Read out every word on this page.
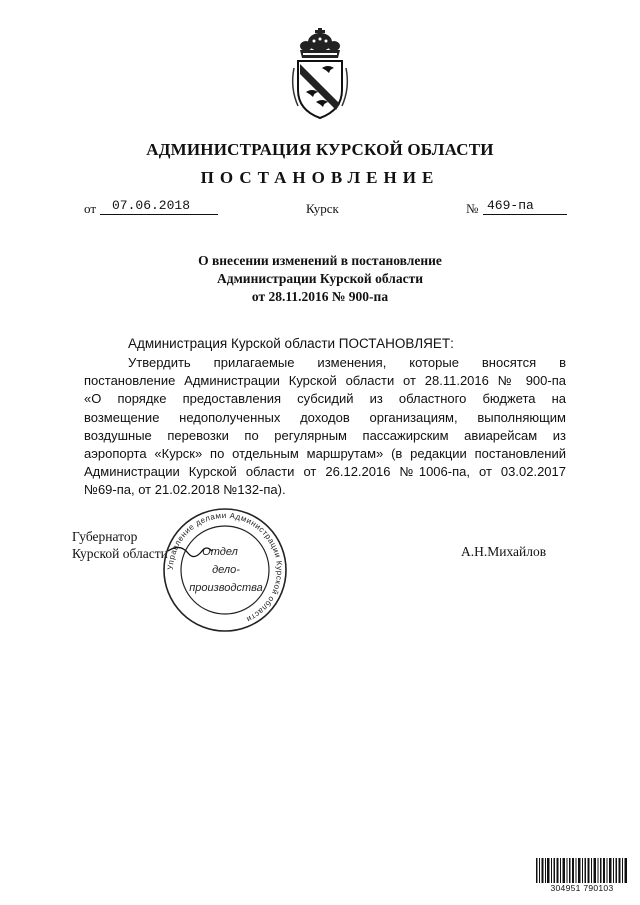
АДМИНИСТРАЦИЯ КУРСКОЙ ОБЛАСТИ
ПОСТАНОВЛЕНИЕ
от 07.06.2018	Курск	№ 469-па
О внесении изменений в постановление
Администрации Курской области
от 28.11.2016 № 900-па
Администрация Курской области ПОСТАНОВЛЯЕТ:
Утвердить прилагаемые изменения, которые вносятся в
постановление Администрации Курской области от 28.11.2016 № 900-па
«О порядке предоставления субсидий из областного бюджета на
возмещение недополученных доходов организациям, выполняющим
воздушные перевозки по регулярным пассажирским авиарейсам из
аэропорта «Курск» по отдельным маршрутам» (в редакции постановлений
Администрации Курской области от 26.12.2016 №1006-па, от 03.02.2017
№69-па, от 21.02.2018 №132-па).
Губернатор
Курской области	А.Н.Михайлов
Управление делами Администрации Курской области
Отдел
дело-
производства
304951 790103
